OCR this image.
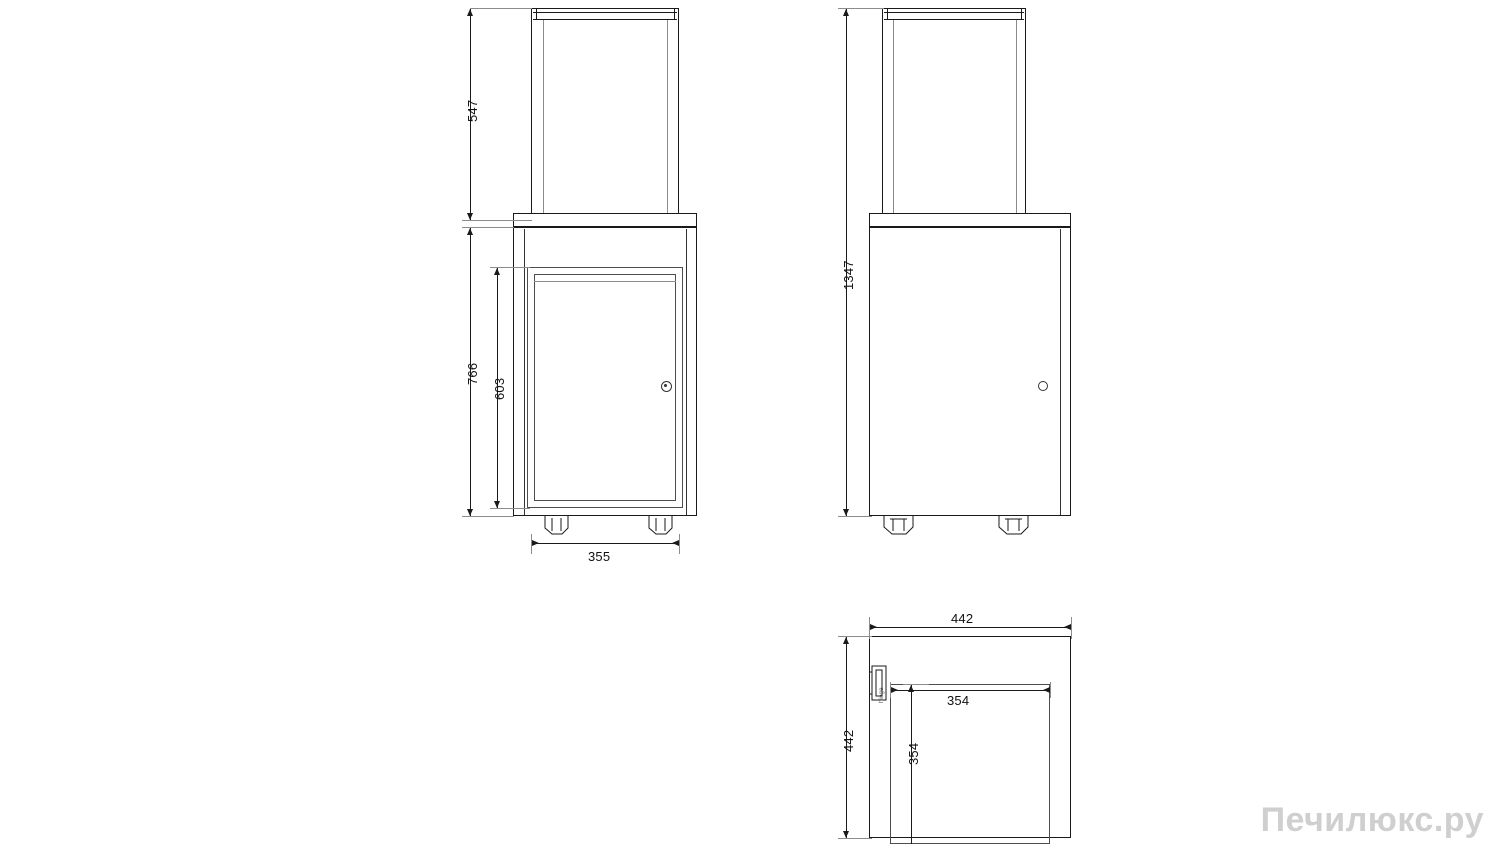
547
766
603
355
1347
hinge
442
442
354
354
Печилюкс.ру
